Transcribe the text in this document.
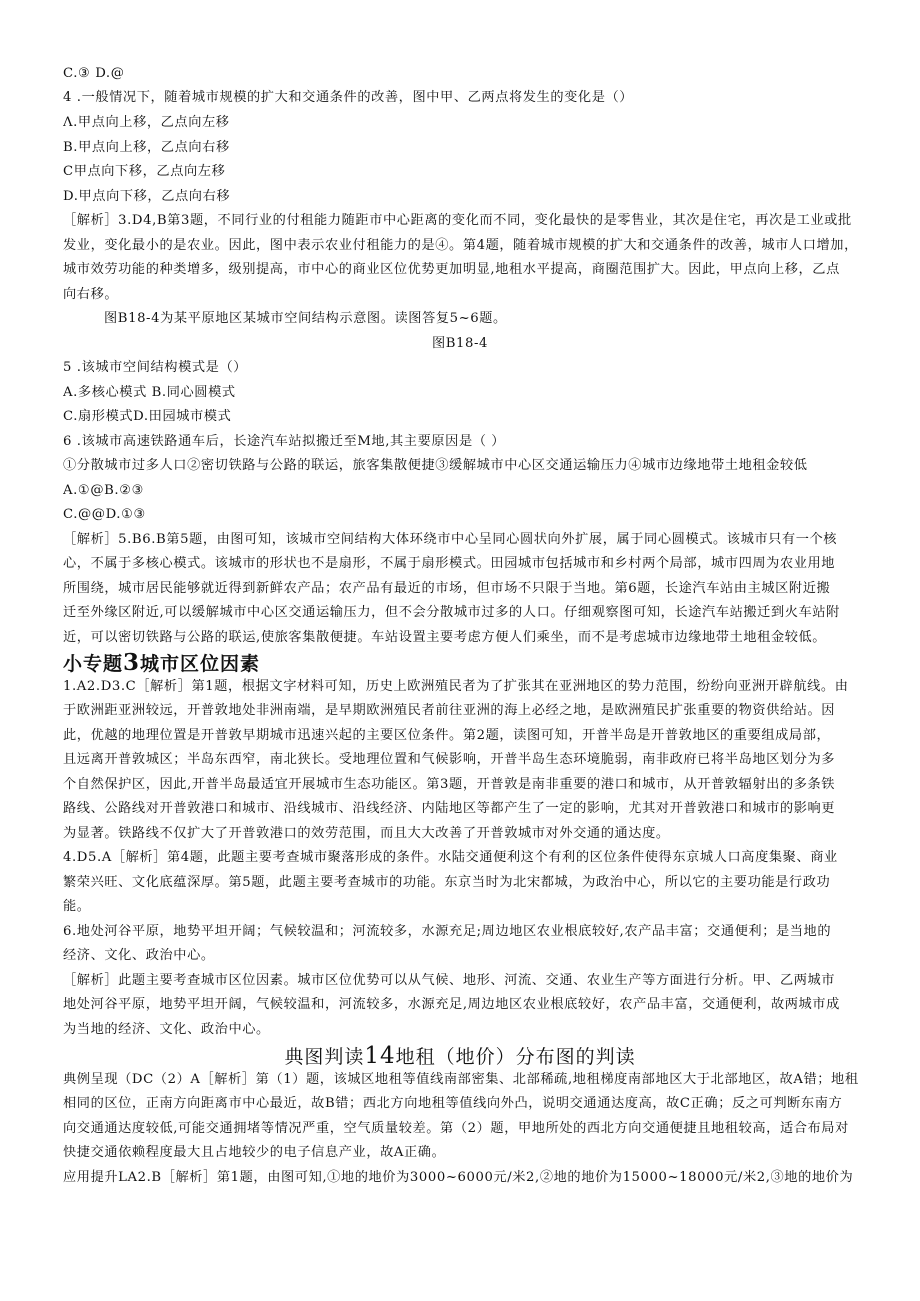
C.③ D.@
4 .一般情况下，随着城市规模的扩大和交通条件的改善，图中甲、乙两点将发生的变化是（）
Λ.甲点向上移，乙点向左移
B.甲点向上移，乙点向右移
C甲点向下移，乙点向左移
D.甲点向下移，乙点向右移
［解析］3.D4,B第3题，不同行业的付租能力随距市中心距离的变化而不同，变化最快的是零售业，其次是住宅，再次是工业或批
发业，变化最小的是农业。因此，图中表示农业付租能力的是④。第4题，随着城市规模的扩大和交通条件的改善，城市人口增加，
城市效劳功能的种类增多，级别提高，市中心的商业区位优势更加明显,地租水平提高，商圈范围扩大。因此，甲点向上移，乙点
向右移。
图B18-4为某平原地区某城市空间结构示意图。读图答复5~6题。
图B18-4
5 .该城市空间结构模式是（）
A.多核心模式 B.同心圆模式
C.扇形模式D.田园城市模式
6 .该城市高速铁路通车后，长途汽车站拟搬迁至M地,其主要原因是（ ）
①分散城市过多人口②密切铁路与公路的联运，旅客集散便捷③缓解城市中心区交通运输压力④城市边缘地带土地租金较低
A.①@B.②③
C.@@D.①③
［解析］5.B6.B第5题，由图可知，该城市空间结构大体环绕市中心呈同心圆状向外扩展，属于同心圆模式。该城市只有一个核
心，不属于多核心模式。该城市的形状也不是扇形，不属于扇形模式。田园城市包括城市和乡村两个局部，城市四周为农业用地
所围绕，城市居民能够就近得到新鲜农产品；农产品有最近的市场，但市场不只限于当地。第6题，长途汽车站由主城区附近搬
迁至外缘区附近,可以缓解城市中心区交通运输压力，但不会分散城市过多的人口。仔细观察图可知，长途汽车站搬迁到火车站附
近，可以密切铁路与公路的联运,使旅客集散便捷。车站设置主要考虑方便人们乘坐，而不是考虑城市边缘地带土地租金较低。
小专题3城市区位因素
1.A2.D3.C［解析］第1题，根据文字材料可知，历史上欧洲殖民者为了扩张其在亚洲地区的势力范围，纷纷向亚洲开辟航线。由
于欧洲距亚洲较远，开普敦地处非洲南端，是早期欧洲殖民者前往亚洲的海上必经之地，是欧洲殖民扩张重要的物资供给站。因
此，优越的地理位置是开普敦早期城市迅速兴起的主要区位条件。第2题，读图可知，开普半岛是开普敦地区的重要组成局部，
且远离开普敦城区；半岛东西窄，南北狭长。受地理位置和气候影响，开普半岛生态环境脆弱，南非政府已将半岛地区划分为多
个自然保护区，因此,开普半岛最适宜开展城市生态功能区。第3题，开普敦是南非重要的港口和城市，从开普敦辐射出的多条铁
路线、公路线对开普敦港口和城市、沿线城市、沿线经济、内陆地区等都产生了一定的影响，尤其对开普敦港口和城市的影响更
为显著。铁路线不仅扩大了开普敦港口的效劳范围，而且大大改善了开普敦城市对外交通的通达度。
4.D5.A［解析］第4题，此题主要考查城市聚落形成的条件。水陆交通便利这个有利的区位条件使得东京城人口高度集聚、商业
繁荣兴旺、文化底蕴深厚。第5题，此题主要考查城市的功能。东京当时为北宋都城，为政治中心，所以它的主要功能是行政功
能。
6.地处河谷平原，地势平坦开阔；气候较温和；河流较多，水源充足;周边地区农业根底较好,农产品丰富；交通便利；是当地的
经济、文化、政治中心。
［解析］此题主要考查城市区位因素。城市区位优势可以从气候、地形、河流、交通、农业生产等方面进行分析。甲、乙两城市
地处河谷平原，地势平坦开阔，气候较温和，河流较多，水源充足,周边地区农业根底较好，农产品丰富，交通便利，故两城市成
为当地的经济、文化、政治中心。
典图判读14地租（地价）分布图的判读
典例呈现（DC（2）A［解析］第（1）题，该城区地租等值线南部密集、北部稀疏,地租梯度南部地区大于北部地区，故A错；地租
相同的区位，正南方向距离市中心最近，故B错；西北方向地租等值线向外凸，说明交通通达度高，故C正确；反之可判断东南方
向交通通达度较低,可能交通拥堵等情况严重，空气质量较差。第（2）题，甲地所处的西北方向交通便捷且地租较高，适合布局对
快捷交通依赖程度最大且占地较少的电子信息产业，故A正确。
应用提升LA2.B［解析］第1题，由图可知,①地的地价为3000~6000元/米2,②地的地价为15000~18000元/米2,③地的地价为
